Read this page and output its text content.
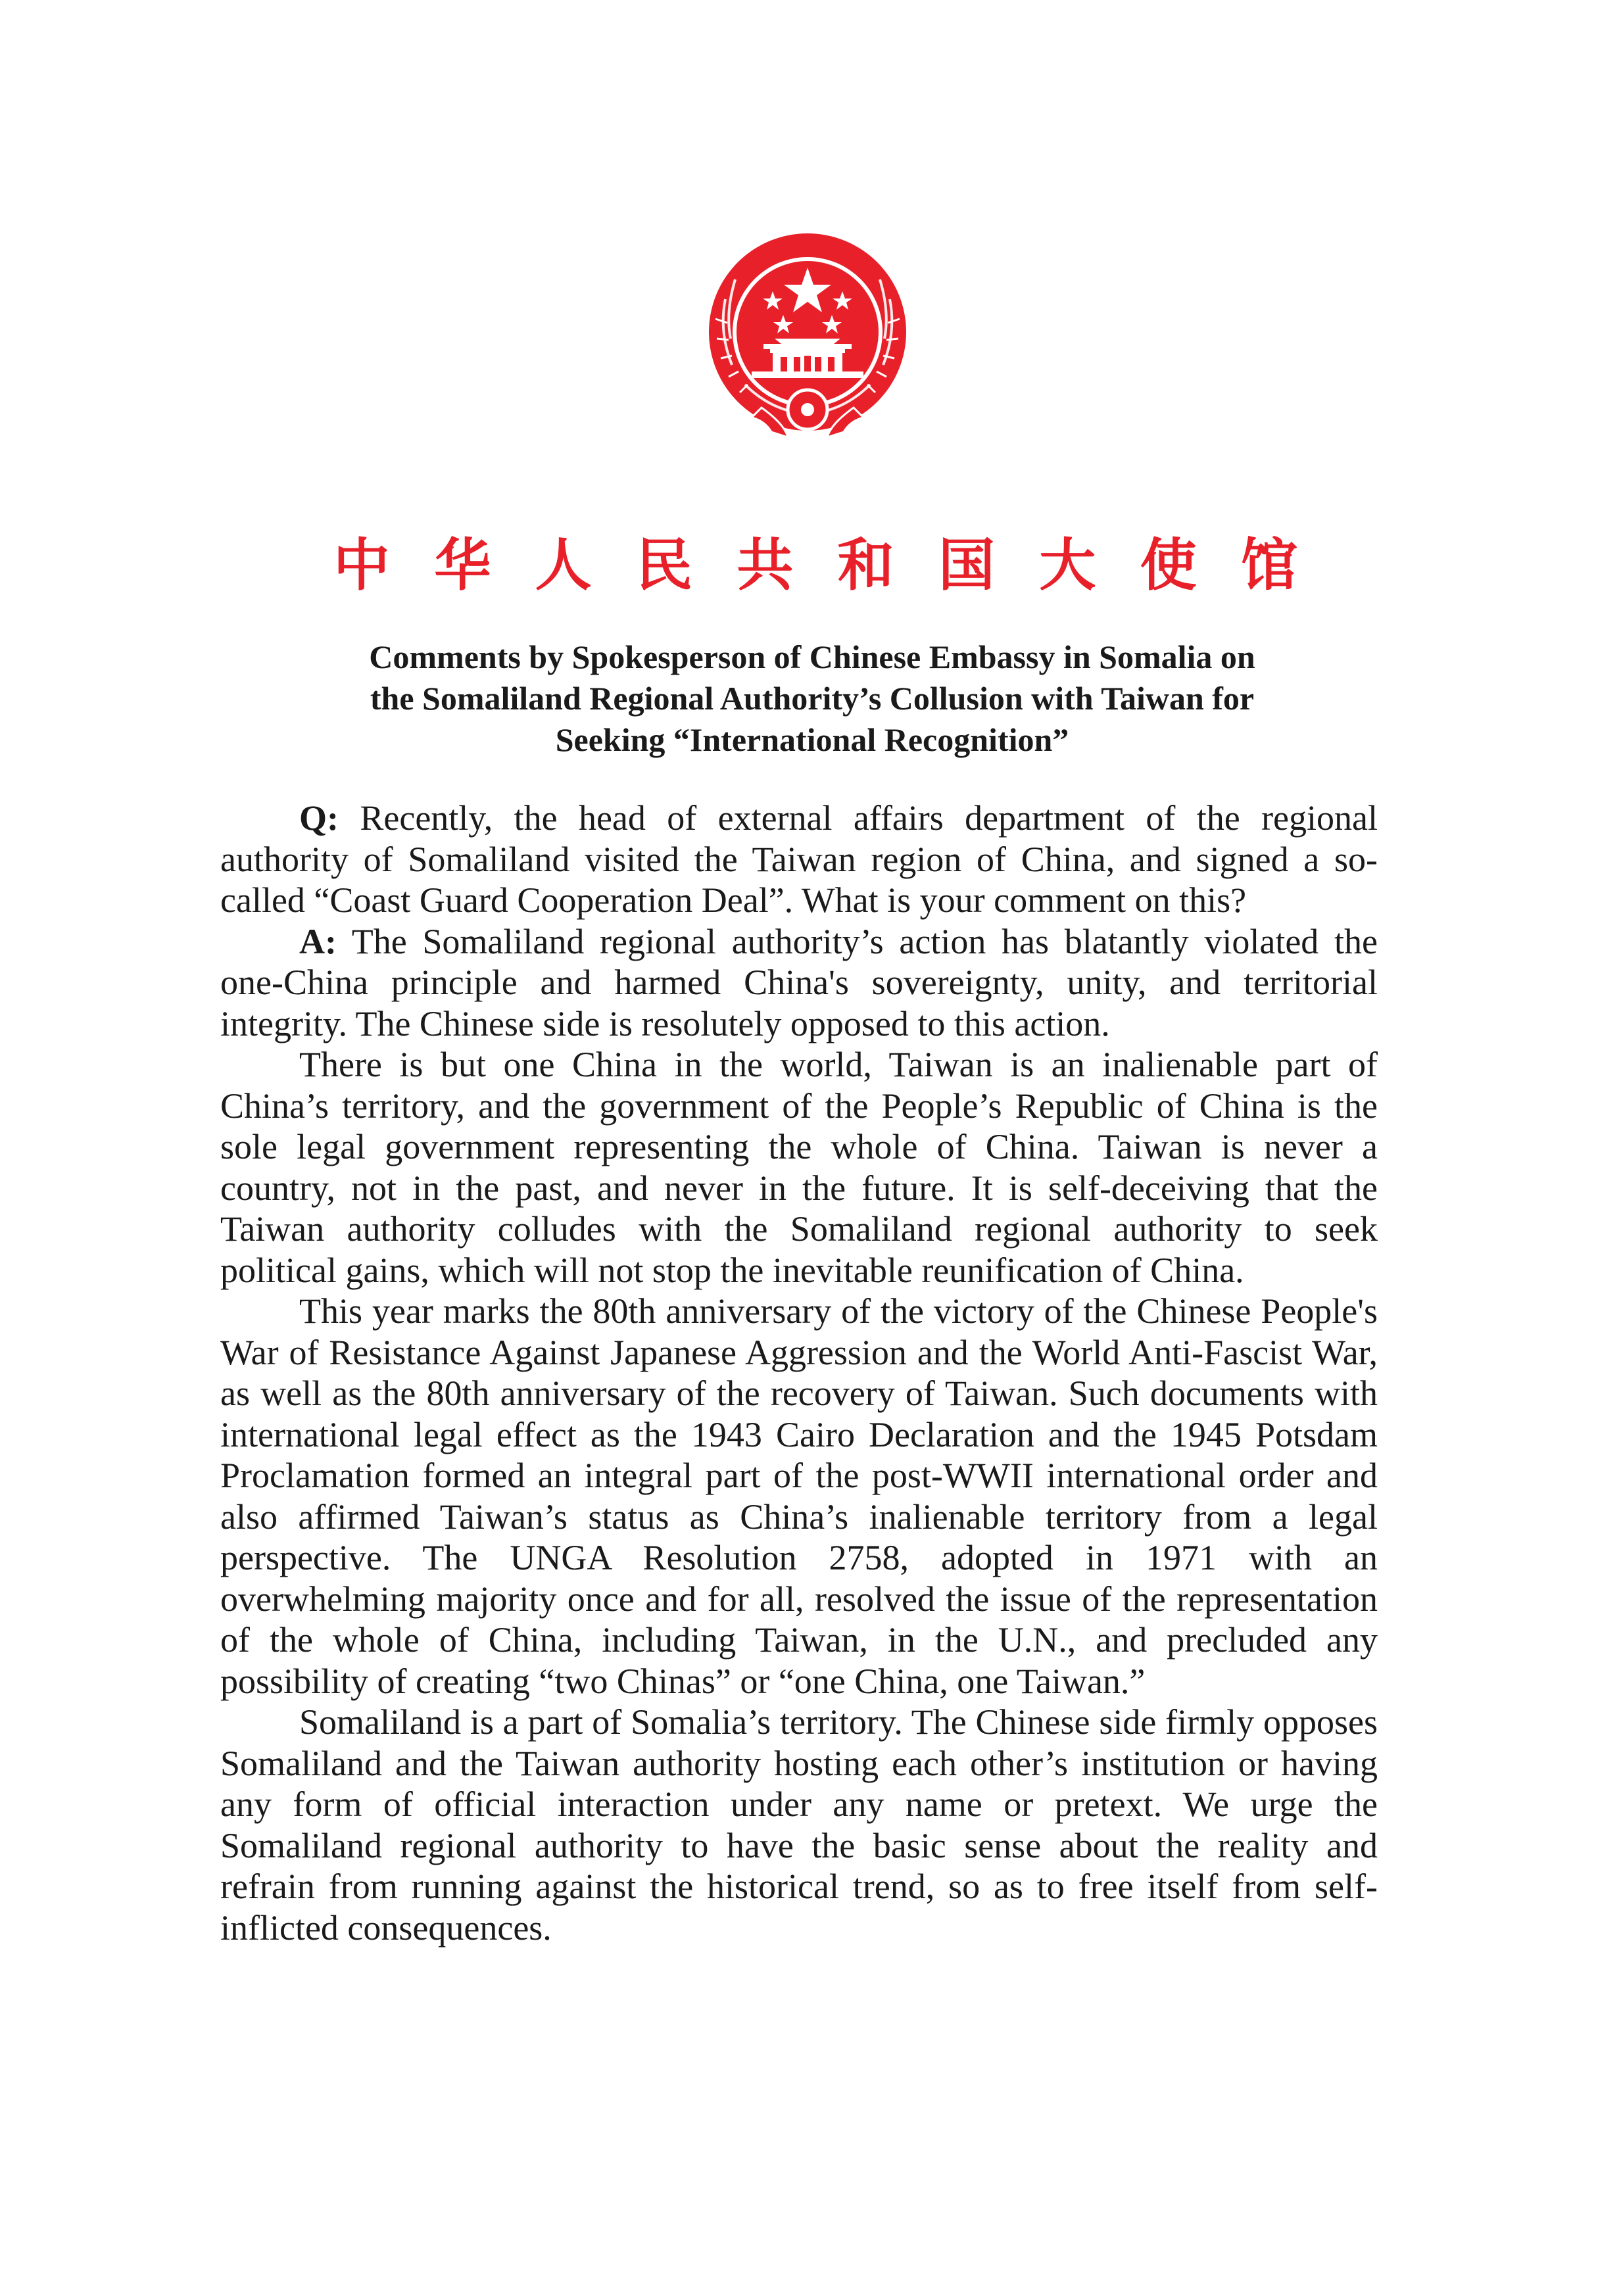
中 华 人 民 共 和 国 大 使 馆
Comments by Spokesperson of Chinese Embassy in Somalia on
the Somaliland Regional Authority’s Collusion with Taiwan for
Seeking “International Recognition”

Q: Recently, the head of external affairs department of the regional authority of Somaliland visited the Taiwan region of China, and signed a so-called “Coast Guard Cooperation Deal”. What is your comment on this?

A: The Somaliland regional authority’s action has blatantly violated the one-China principle and harmed China's sovereignty, unity, and territorial integrity. The Chinese side is resolutely opposed to this action.

There is but one China in the world, Taiwan is an inalienable part of China’s territory, and the government of the People’s Republic of China is the sole legal government representing the whole of China. Taiwan is never a country, not in the past, and never in the future. It is self-deceiving that the Taiwan authority colludes with the Somaliland regional authority to seek political gains, which will not stop the inevitable reunification of China.

This year marks the 80th anniversary of the victory of the Chinese People's War of Resistance Against Japanese Aggression and the World Anti-Fascist War, as well as the 80th anniversary of the recovery of Taiwan. Such documents with international legal effect as the 1943 Cairo Declaration and the 1945 Potsdam Proclamation formed an integral part of the post-WWII international order and also affirmed Taiwan’s status as China’s inalienable territory from a legal perspective. The UNGA Resolution 2758, adopted in 1971 with an overwhelming majority once and for all, resolved the issue of the representation of the whole of China, including Taiwan, in the U.N., and precluded any possibility of creating “two Chinas” or “one China, one Taiwan.”

Somaliland is a part of Somalia’s territory. The Chinese side firmly opposes Somaliland and the Taiwan authority hosting each other’s institution or having any form of official interaction under any name or pretext. We urge the Somaliland regional authority to have the basic sense about the reality and refrain from running against the historical trend, so as to free itself from self-inflicted consequences.
